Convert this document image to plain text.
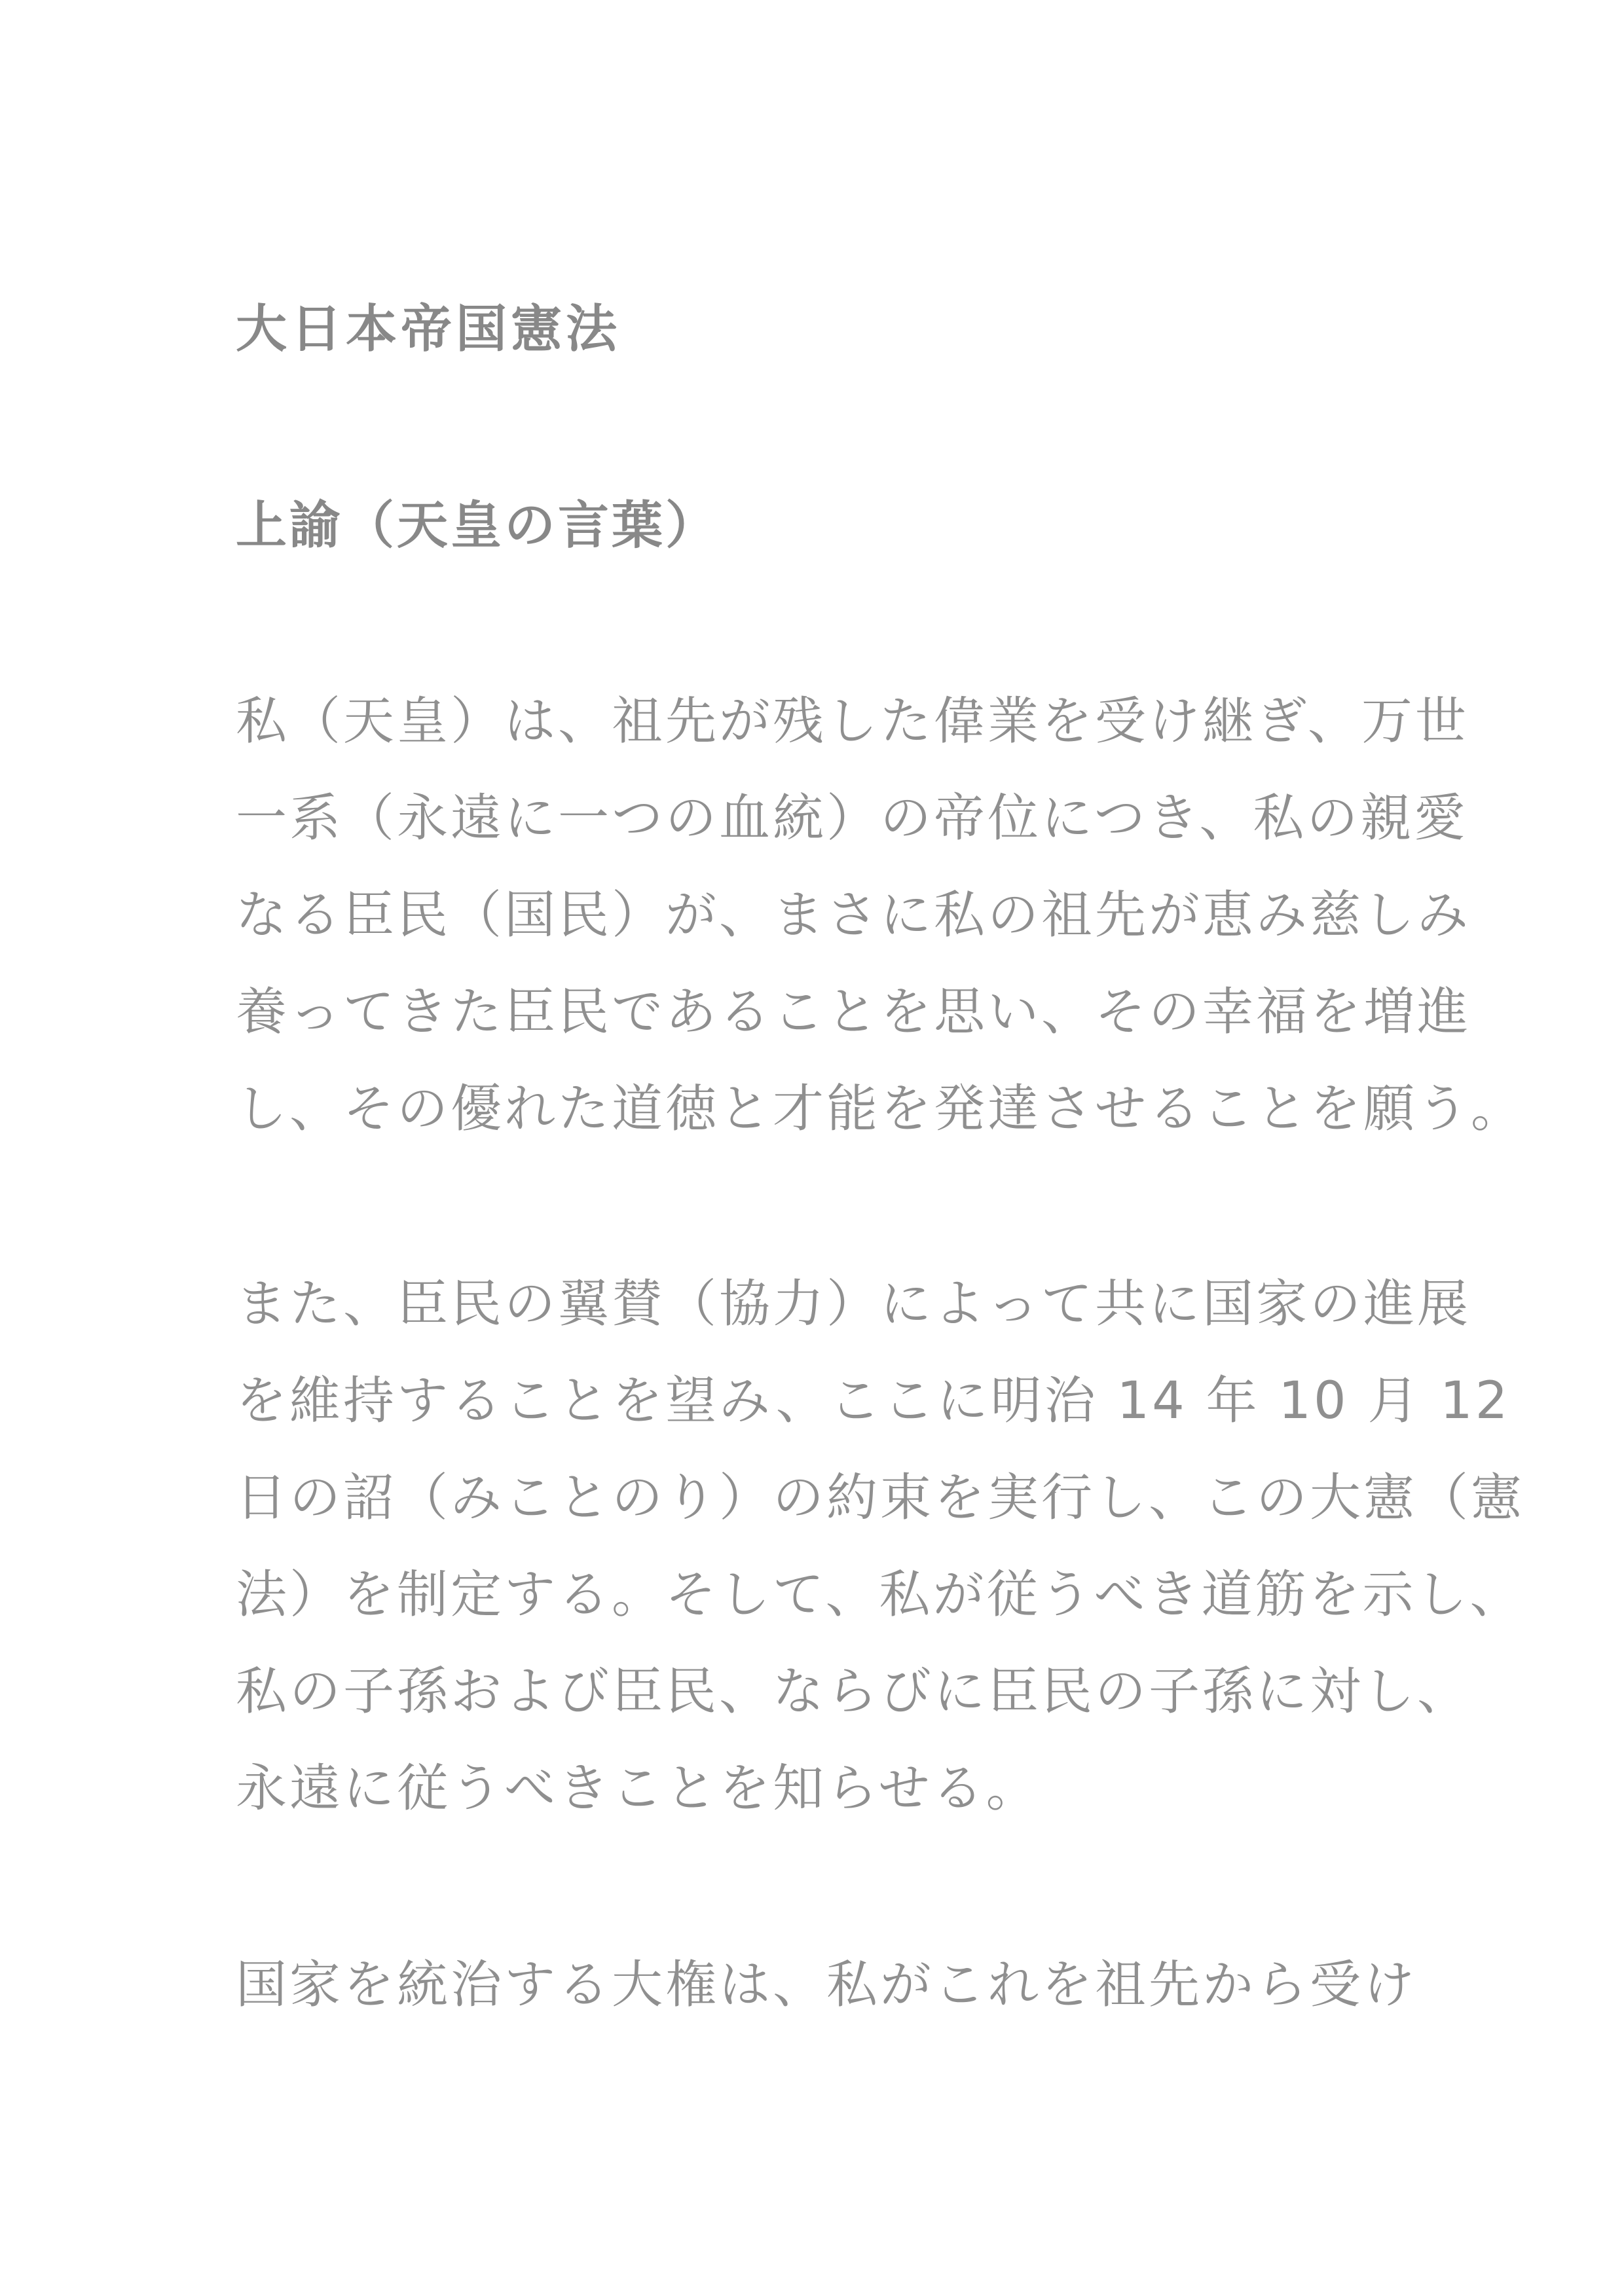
大日本帝国憲法
上諭（天皇の言葉）
私（天皇）は、祖先が残した偉業を受け継ぎ、万世
一系（永遠に一つの血統）の帝位につき、私の親愛
なる臣民（国民）が、まさに私の祖先が恵み慈しみ
養ってきた臣民であることを思い、その幸福を増進
し、その優れた道徳と才能を発達させることを願う。
また、臣民の翼賛（協力）によって共に国家の進展
を維持することを望み、ここに明治 14 年 10 月 12
日の詔（みことのり）の約束を実行し、この大憲（憲
法）を制定する。そして、私が従うべき道筋を示し、
私の子孫および臣民、ならびに臣民の子孫に対し、
永遠に従うべきことを知らせる。
国家を統治する大権は、私がこれを祖先から受け
